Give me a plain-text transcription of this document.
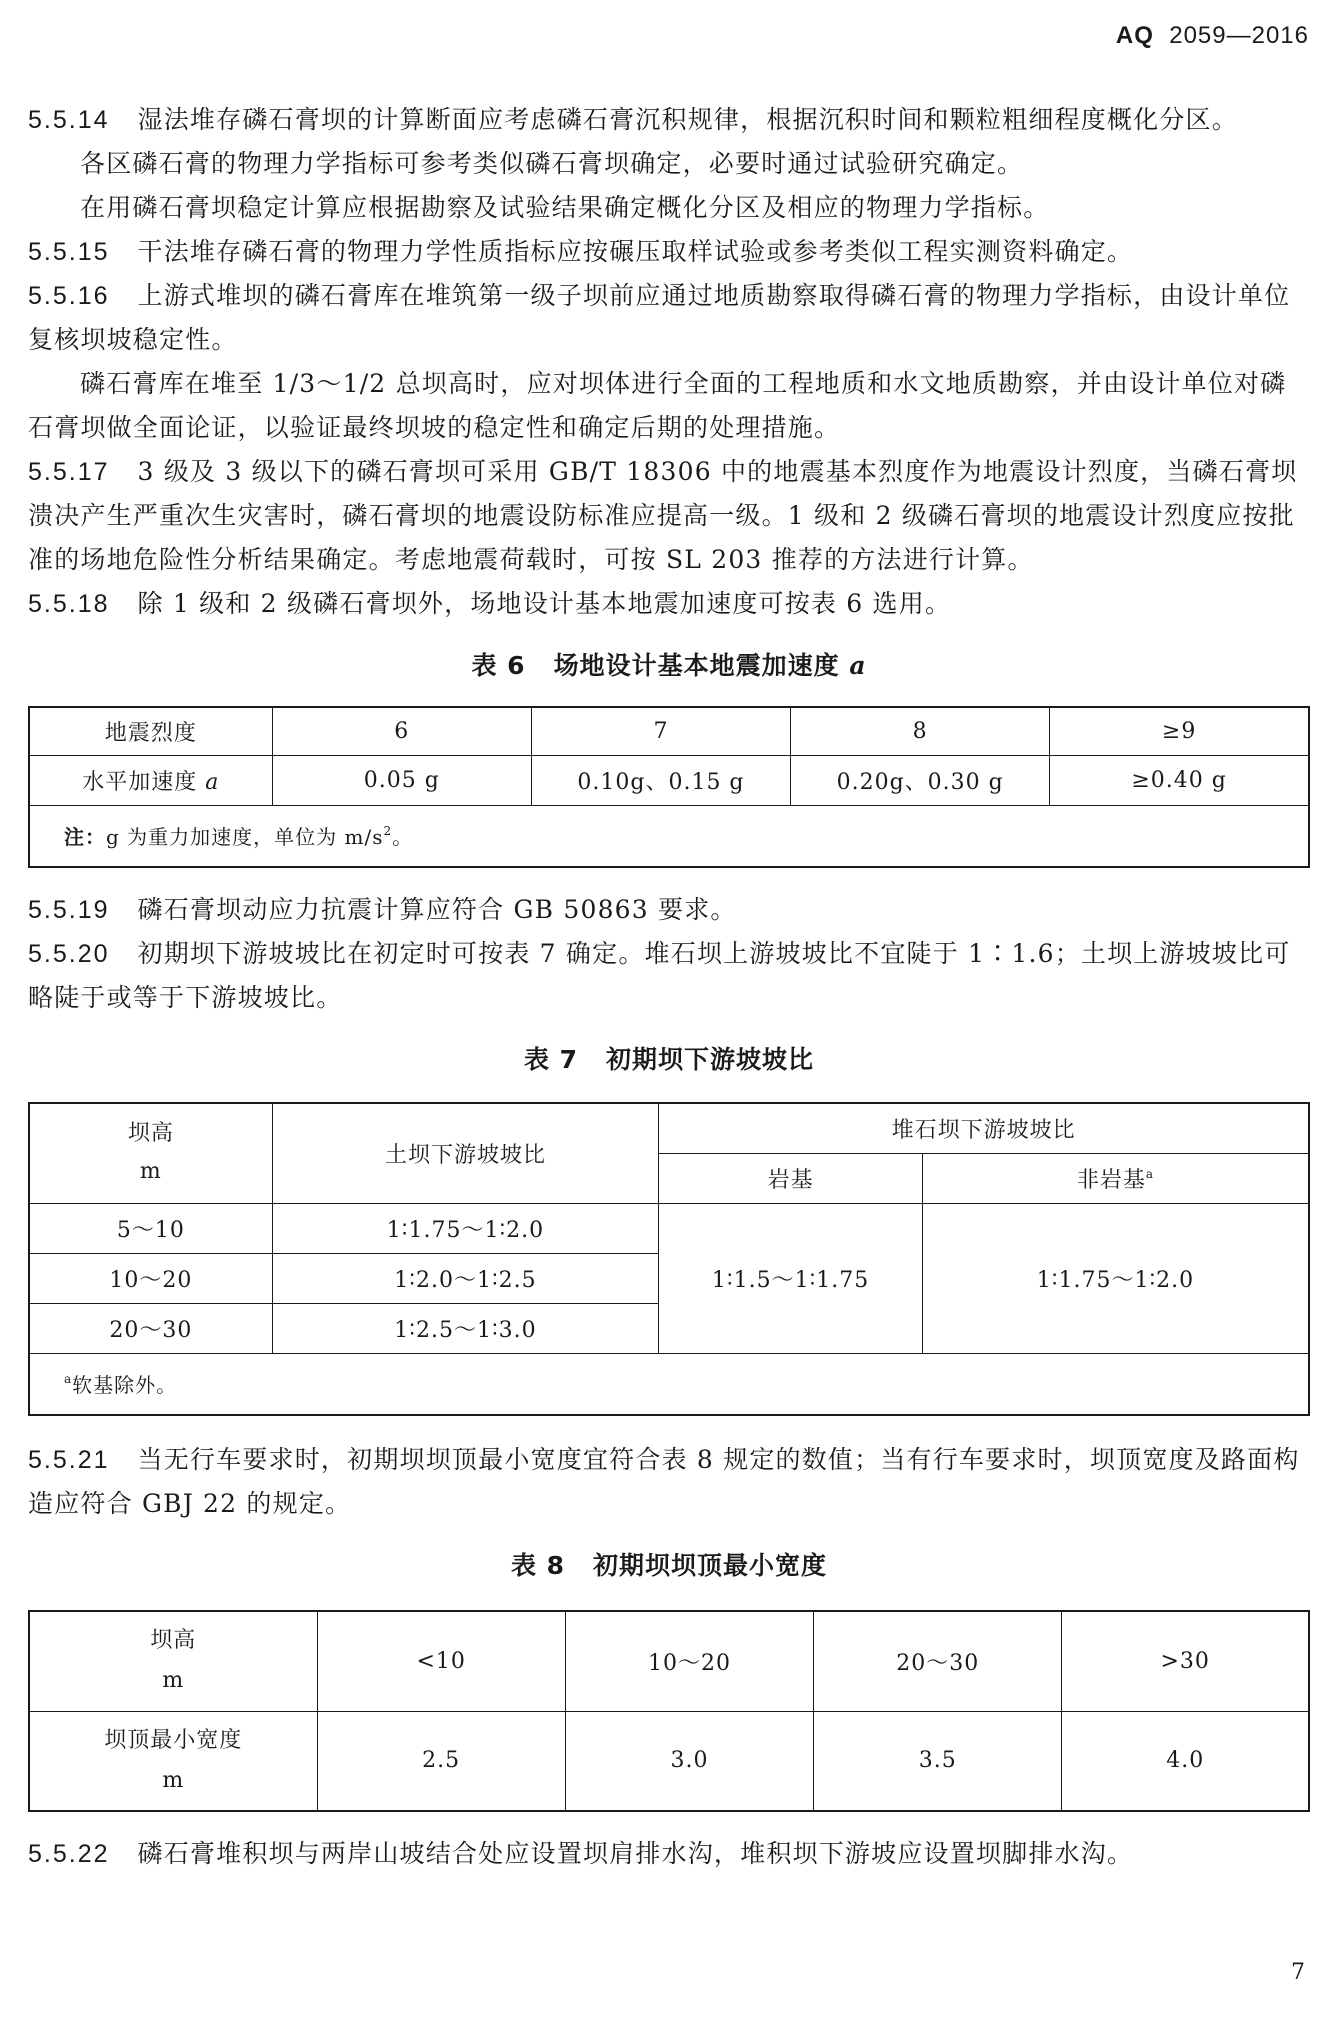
AQ 2059—2016

5.5.14 湿法堆存磷石膏坝的计算断面应考虑磷石膏沉积规律，根据沉积时间和颗粒粗细程度概化分区。

各区磷石膏的物理力学指标可参考类似磷石膏坝确定，必要时通过试验研究确定。

在用磷石膏坝稳定计算应根据勘察及试验结果确定概化分区及相应的物理力学指标。

5.5.15 干法堆存磷石膏的物理力学性质指标应按碾压取样试验或参考类似工程实测资料确定。

5.5.16 上游式堆坝的磷石膏库在堆筑第一级子坝前应通过地质勘察取得磷石膏的物理力学指标，由设计单位复核坝坡稳定性。

磷石膏库在堆至 1/3～1/2 总坝高时，应对坝体进行全面的工程地质和水文地质勘察，并由设计单位对磷石膏坝做全面论证，以验证最终坝坡的稳定性和确定后期的处理措施。

5.5.17 3 级及 3 级以下的磷石膏坝可采用 GB/T 18306 中的地震基本烈度作为地震设计烈度，当磷石膏坝溃决产生严重次生灾害时，磷石膏坝的地震设防标准应提高一级。1 级和 2 级磷石膏坝的地震设计烈度应按批准的场地危险性分析结果确定。考虑地震荷载时，可按 SL 203 推荐的方法进行计算。

5.5.18 除 1 级和 2 级磷石膏坝外，场地设计基本地震加速度可按表 6 选用。

表 6 场地设计基本地震加速度 a
地震烈度	6	7	8	≥9
水平加速度 a	0.05 g	0.10g、0.15 g	0.20g、0.30 g	≥0.40 g
注：g 为重力加速度，单位为 $m/s^2$。				

5.5.19 磷石膏坝动应力抗震计算应符合 GB 50863 要求。

5.5.20 初期坝下游坡坡比在初定时可按表 7 确定。堆石坝上游坡坡比不宜陡于 1∶1.6；土坝上游坡坡比可略陡于或等于下游坡坡比。

表 7 初期坝下游坡坡比
坝高
m	土坝下游坡坡比	堆石坝下游坡坡比	
		岩基	非岩基$^a$
5～10	1∶1.75～1∶2.0	1∶1.5～1∶1.75	1∶1.75～1∶2.0
10～20	1∶2.0～1∶2.5		
20～30	1∶2.5～1∶3.0		
$^a$软基除外。			

5.5.21 当无行车要求时，初期坝坝顶最小宽度宜符合表 8 规定的数值；当有行车要求时，坝顶宽度及路面构造应符合 GBJ 22 的规定。

表 8 初期坝坝顶最小宽度
坝高
m	<10	10～20	20～30	>30
坝顶最小宽度
m	2.5	3.0	3.5	4.0

5.5.22 磷石膏堆积坝与两岸山坡结合处应设置坝肩排水沟，堆积坝下游坡应设置坝脚排水沟。

7
